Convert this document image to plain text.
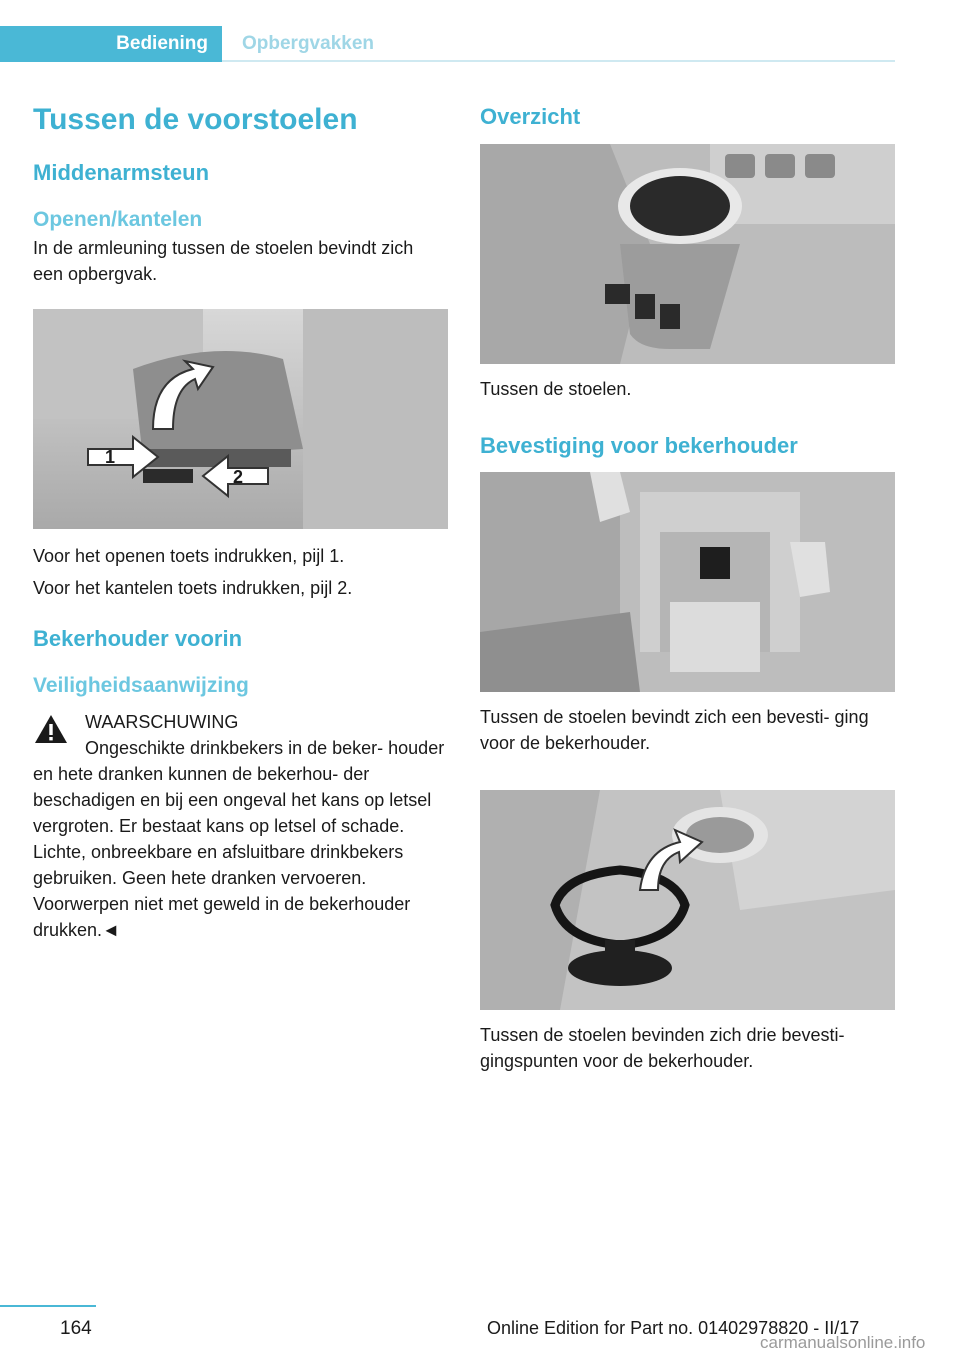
Bediening	Opbergvakken
Tussen de voorstoelen
Middenarmsteun
Openen/kantelen

In de armleuning tussen de stoelen bevindt zich een opbergvak.

1
2

Voor het openen toets indrukken, pijl 1.

Voor het kantelen toets indrukken, pijl 2.

Bekerhouder voorin
Veiligheidsaanwijzing

WAARSCHUWING

Ongeschikte drinkbekers in de beker- houder en hete dranken kunnen de bekerhou- der beschadigen en bij een ongeval het kans op letsel vergroten. Er bestaat kans op letsel of schade. Lichte, onbreekbare en afsluitbare drinkbekers gebruiken. Geen hete dranken vervoeren. Voorwerpen niet met geweld in de bekerhouder drukken.◄

Overzicht

Tussen de stoelen.

Bevestiging voor bekerhouder

Tussen de stoelen bevindt zich een bevesti- ging voor de bekerhouder.

Tussen de stoelen bevinden zich drie bevesti- gingspunten voor de bekerhouder.

164	Online Edition for Part no. 01402978820 - II/17
carmanualsonline.info
